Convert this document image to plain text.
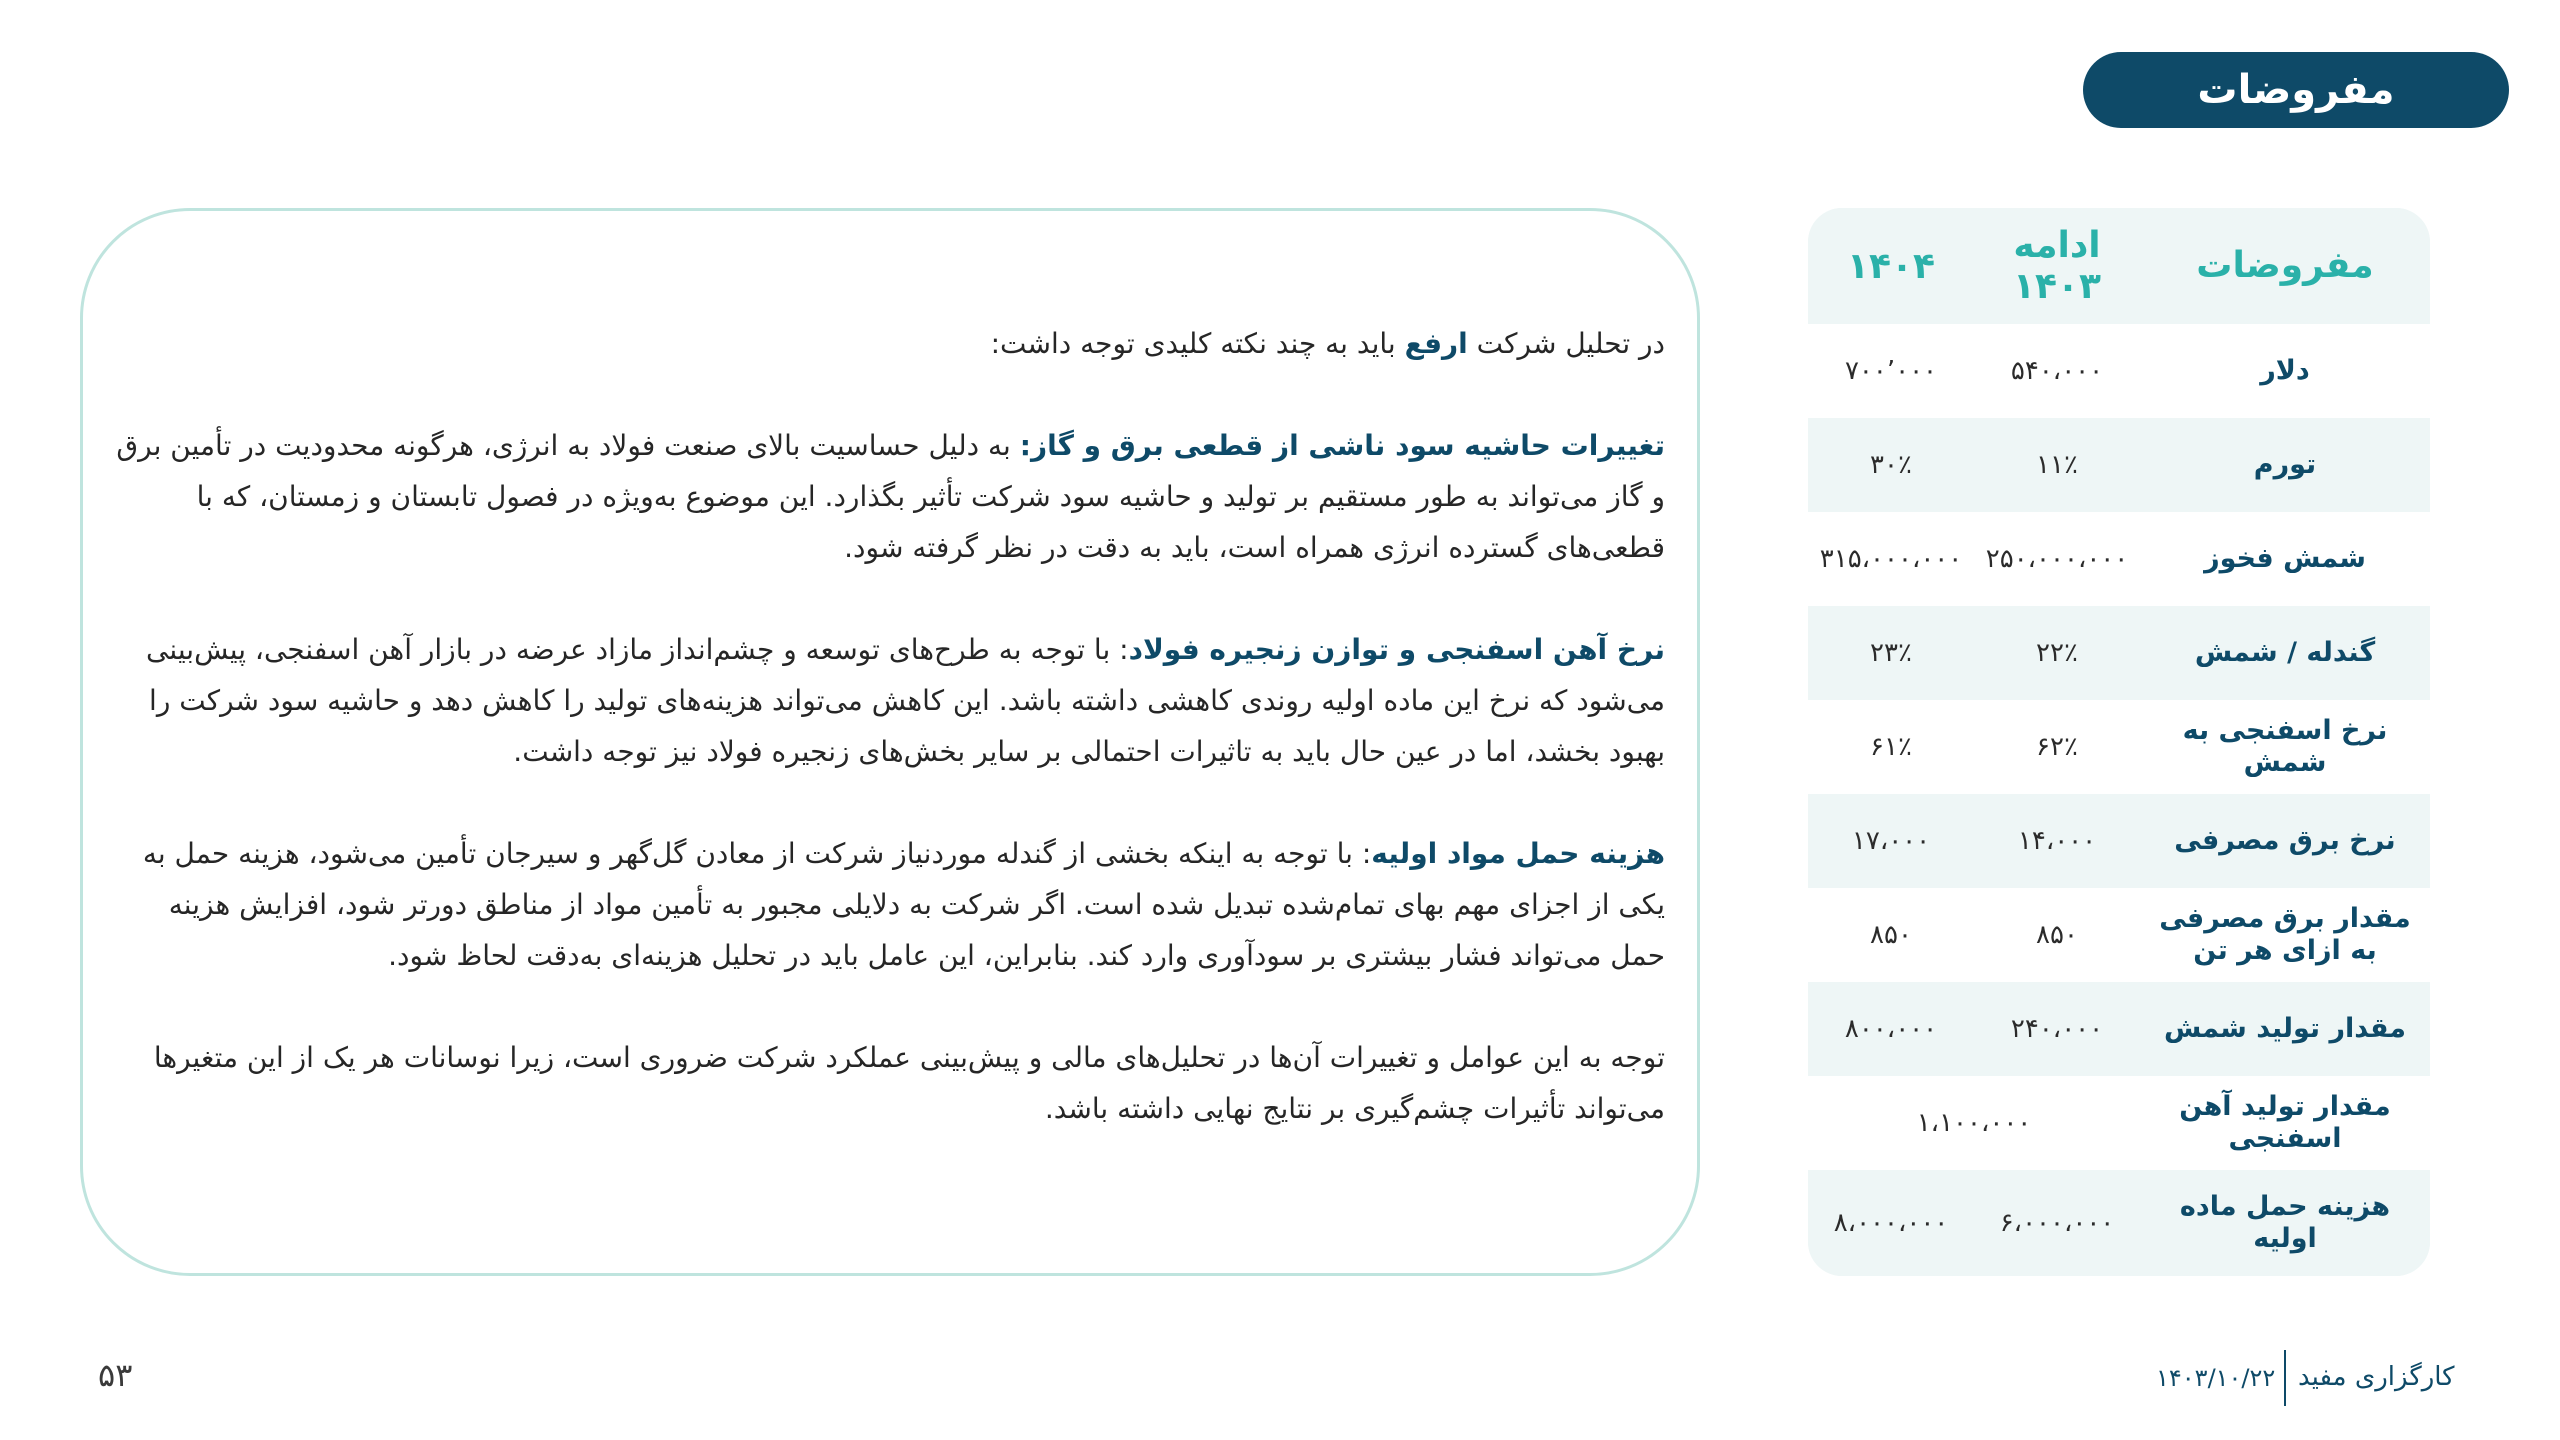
مفروضات
مفروضات
ادامه ۱۴۰۳
۱۴۰۴
دلار
۵۴۰،۰۰۰
۷۰۰٬۰۰۰
تورم
۱۱٪
۳۰٪
شمش فخوز
۲۵۰،۰۰۰،۰۰۰
۳۱۵،۰۰۰،۰۰۰
گندله / شمش
۲۲٪
۲۳٪
نرخ اسفنجی به شمش
۶۲٪
۶۱٪
نرخ برق مصرفی
۱۴،۰۰۰
۱۷،۰۰۰
مقدار برق مصرفی به ازای هر تن
۸۵۰
۸۵۰
مقدار تولید شمش
۲۴۰،۰۰۰
۸۰۰،۰۰۰
مقدار تولید آهن اسفنجی
۱،۱۰۰،۰۰۰
هزینه حمل ماده اولیه
۶،۰۰۰،۰۰۰
۸،۰۰۰،۰۰۰

در تحلیل شرکت ارفع باید به چند نکته کلیدی توجه داشت:

تغییرات حاشیه سود ناشی از قطعی برق و گاز: به دلیل حساسیت بالای صنعت فولاد به انرژی، هرگونه محدودیت در تأمین برق و گاز می‌تواند به طور مستقیم بر تولید و حاشیه سود شرکت تأثیر بگذارد. این موضوع به‌ویژه در فصول تابستان و زمستان، که با قطعی‌های گسترده انرژی همراه است، باید به دقت در نظر گرفته شود.

نرخ آهن اسفنجی و توازن زنجیره فولاد: با توجه به طرح‌های توسعه و چشم‌انداز مازاد عرضه در بازار آهن اسفنجی، پیش‌بینی می‌شود که نرخ این ماده اولیه روندی کاهشی داشته باشد. این کاهش می‌تواند هزینه‌های تولید را کاهش دهد و حاشیه سود شرکت را بهبود بخشد، اما در عین حال باید به تاثیرات احتمالی بر سایر بخش‌های زنجیره فولاد نیز توجه داشت.

هزینه حمل مواد اولیه: با توجه به اینکه بخشی از گندله موردنیاز شرکت از معادن گل‌گهر و سیرجان تأمین می‌شود، هزینه حمل به یکی از اجزای مهم بهای تمام‌شده تبدیل شده است. اگر شرکت به دلایلی مجبور به تأمین مواد از مناطق دورتر شود، افزایش هزینه حمل می‌تواند فشار بیشتری بر سودآوری وارد کند. بنابراین، این عامل باید در تحلیل هزینه‌ای به‌دقت لحاظ شود.

توجه به این عوامل و تغییرات آن‌ها در تحلیل‌های مالی و پیش‌بینی عملکرد شرکت ضروری است، زیرا نوسانات هر یک از این متغیرها می‌تواند تأثیرات چشم‌گیری بر نتایج نهایی داشته باشد.

کارگزاری مفید
۱۴۰۳/۱۰/۲۲
۵۳
